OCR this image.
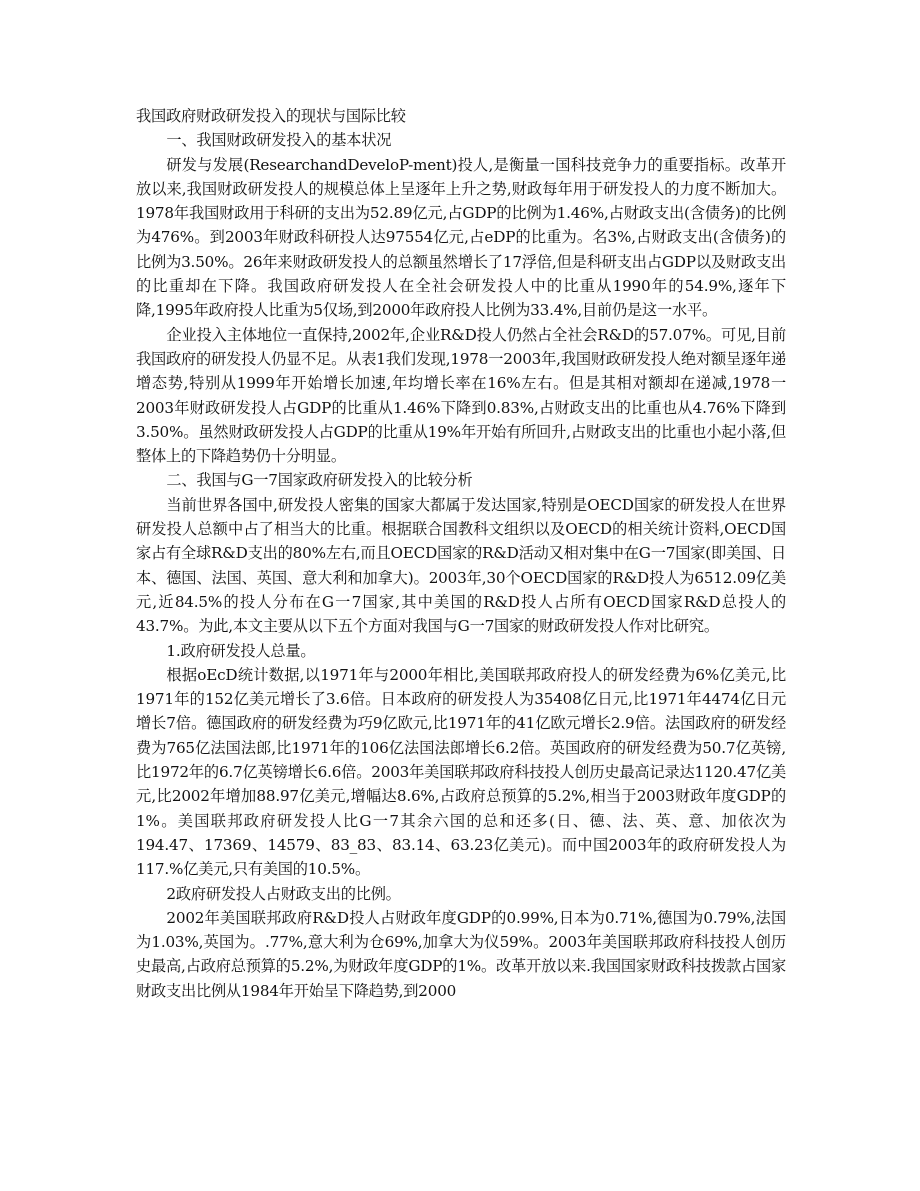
我国政府财政研发投入的现状与国际比较

一、我国财政研发投入的基本状况

研发与发展(ResearchandDeveloP-ment)投人,是衡量一国科技竞争力的重要指标。改革开放以来,我国财政研发投人的规模总体上呈逐年上升之势,财政每年用于研发投人的力度不断加大。1978年我国财政用于科研的支出为52.89亿元,占GDP的比例为1.46%,占财政支出(含债务)的比例为476%。到2003年财政科研投人达97554亿元,占eDP的比重为。名3%,占财政支出(含债务)的比例为3.50%。26年来财政研发投人的总额虽然增长了17浮倍,但是科研支出占GDP以及财政支出的比重却在下降。我国政府研发投人在全社会研发投人中的比重从1990年的54.9%,逐年下降,1995年政府投人比重为5仅场,到2000年政府投人比例为33.4%,目前仍是这一水平。

企业投入主体地位一直保持,2002年,企业R&D投人仍然占全社会R&D的57.07%。可见,目前我国政府的研发投人仍显不足。从表1我们发现,1978一2003年,我国财政研发投人绝对额呈逐年递增态势,特别从1999年开始增长加速,年均增长率在16%左右。但是其相对额却在递减,1978一2003年财政研发投人占GDP的比重从1.46%下降到0.83%,占财政支出的比重也从4.76%下降到3.50%。虽然财政研发投人占GDP的比重从19%年开始有所回升,占财政支出的比重也小起小落,但整体上的下降趋势仍十分明显。

二、我国与G一7国家政府研发投入的比较分析

当前世界各国中,研发投人密集的国家大都属于发达国家,特别是OECD国家的研发投人在世界研发投人总额中占了相当大的比重。根据联合国教科文组织以及OECD的相关统计资料,OECD国家占有全球R&D支出的80%左右,而且OECD国家的R&D活动又相对集中在G一7国家(即美国、日本、德国、法国、英国、意大利和加拿大)。2003年,30个OECD国家的R&D投人为6512.09亿美元,近84.5%的投人分布在G一7国家,其中美国的R&D投人占所有OECD国家R&D总投人的43.7%。为此,本文主要从以下五个方面对我国与G一7国家的财政研发投人作对比研究。

1.政府研发投人总量。

根据oEcD统计数据,以1971年与2000年相比,美国联邦政府投人的研发经费为6%亿美元,比1971年的152亿美元增长了3.6倍。日本政府的研发投人为35408亿日元,比1971年4474亿日元增长7倍。德国政府的研发经费为巧9亿欧元,比1971年的41亿欧元增长2.9倍。法国政府的研发经费为765亿法国法郎,比1971年的106亿法国法郎增长6.2倍。英国政府的研发经费为50.7亿英镑,比1972年的6.7亿英镑增长6.6倍。2003年美国联邦政府科技投人创历史最高记录达1120.47亿美元,比2002年增加88.97亿美元,增幅达8.6%,占政府总预算的5.2%,相当于2003财政年度GDP的1%。美国联邦政府研发投人比G一7其余六国的总和还多(日、德、法、英、意、加依次为194.47、17369、14579、83_83、83.14、63.23亿美元)。而中国2003年的政府研发投人为117.%亿美元,只有美国的10.5%。

2政府研发投人占财政支出的比例。

2002年美国联邦政府R&D投人占财政年度GDP的0.99%,日本为0.71%,德国为0.79%,法国为1.03%,英国为。.77%,意大利为仓69%,加拿大为仪59%。2003年美国联邦政府科技投人创历史最高,占政府总预算的5.2%,为财政年度GDP的1%。改革开放以来.我国国家财政科技拨款占国家财政支出比例从1984年开始呈下降趋势,到2000
